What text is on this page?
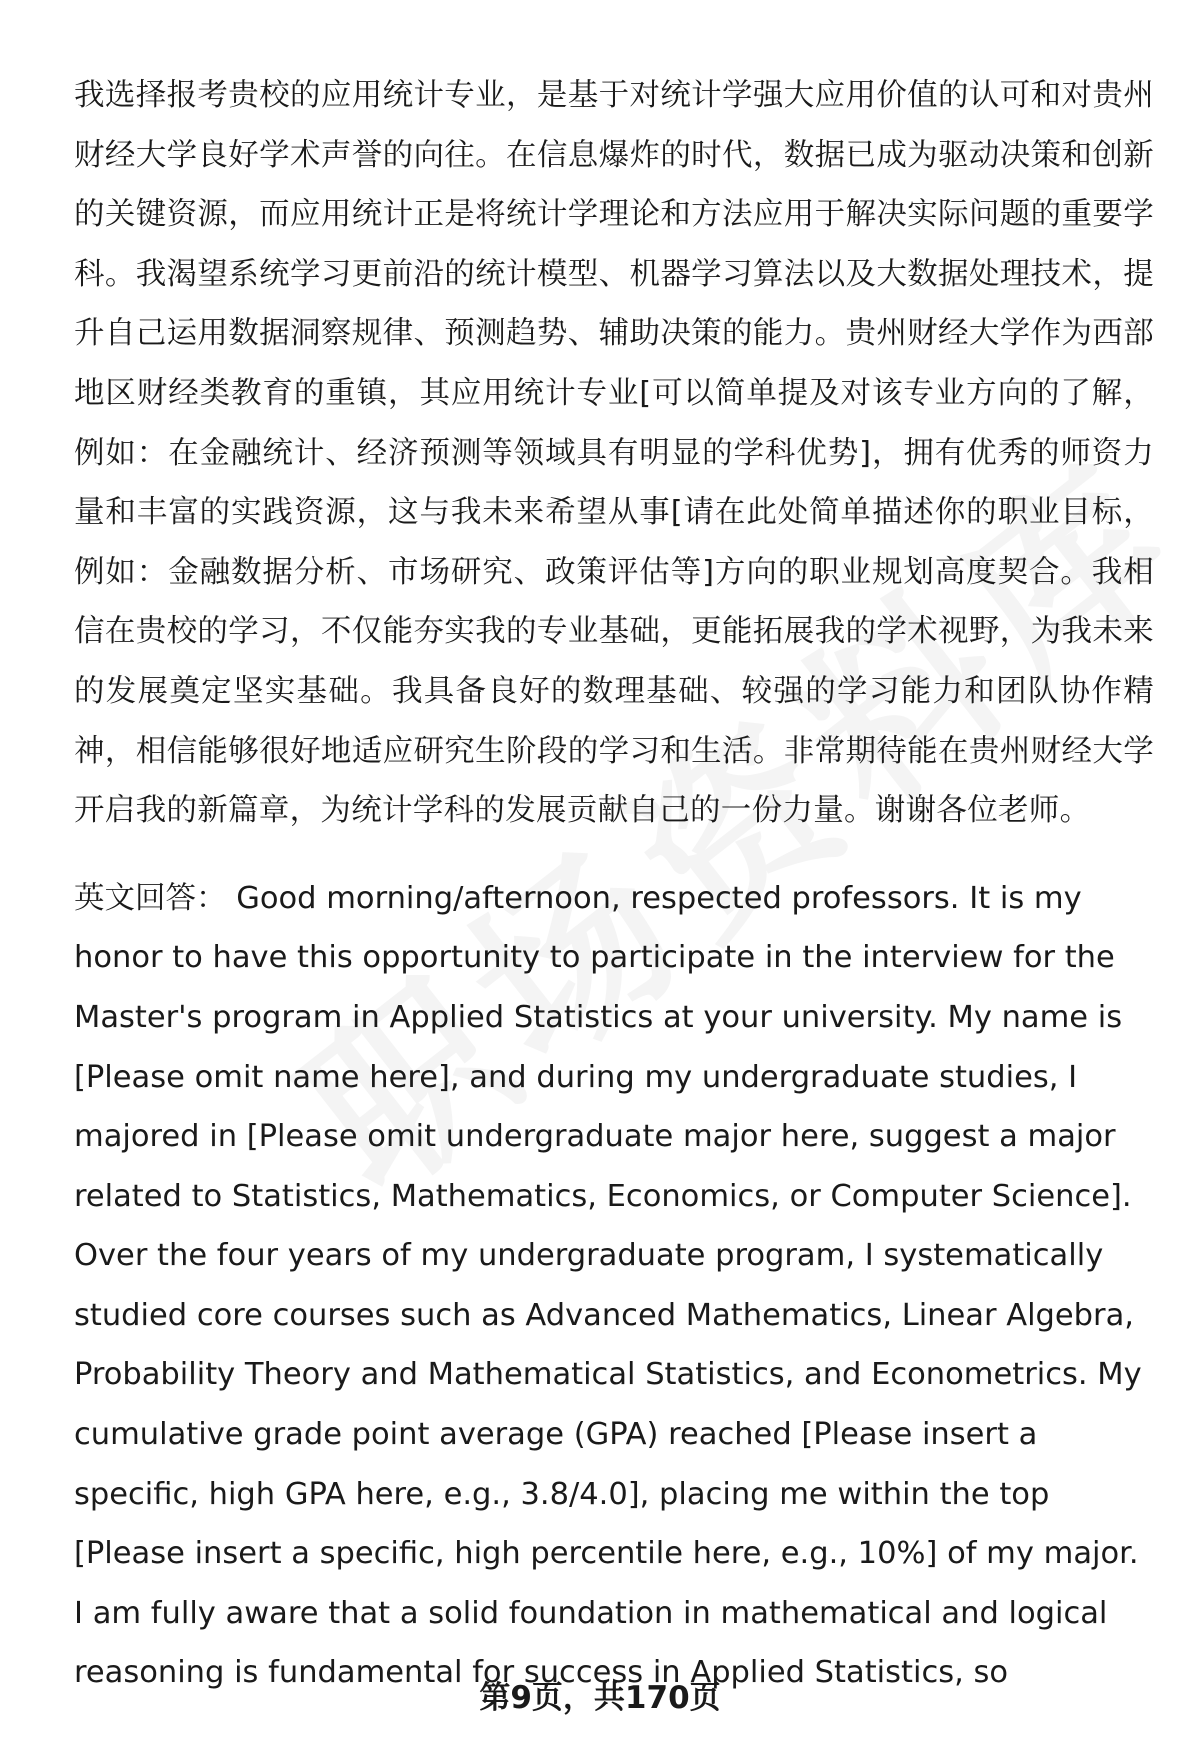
我选择报考贵校的应用统计专业，是基于对统计学强大应用价值的认可和对贵州财经大学良好学术声誉的向往。在信息爆炸的时代，数据已成为驱动决策和创新的关键资源，而应用统计正是将统计学理论和方法应用于解决实际问题的重要学科。我渴望系统学习更前沿的统计模型、机器学习算法以及大数据处理技术，提升自己运用数据洞察规律、预测趋势、辅助决策的能力。贵州财经大学作为西部地区财经类教育的重镇，其应用统计专业[可以简单提及对该专业方向的了解，例如：在金融统计、经济预测等领域具有明显的学科优势]，拥有优秀的师资力量和丰富的实践资源，这与我未来希望从事[请在此处简单描述你的职业目标，例如：金融数据分析、市场研究、政策评估等]方向的职业规划高度契合。我相信在贵校的学习，不仅能夯实我的专业基础，更能拓展我的学术视野，为我未来的发展奠定坚实基础。我具备良好的数理基础、较强的学习能力和团队协作精神，相信能够很好地适应研究生阶段的学习和生活。非常期待能在贵州财经大学开启我的新篇章，为统计学科的发展贡献自己的一份力量。谢谢各位老师。

英文回答： Good morning/afternoon, respected professors. It is my honor to have this opportunity to participate in the interview for the Master's program in Applied Statistics at your university. My name is [Please omit name here], and during my undergraduate studies, I majored in [Please omit undergraduate major here, suggest a major related to Statistics, Mathematics, Economics, or Computer Science]. Over the four years of my undergraduate program, I systematically studied core courses such as Advanced Mathematics, Linear Algebra, Probability Theory and Mathematical Statistics, and Econometrics. My cumulative grade point average (GPA) reached [Please insert a specific, high GPA here, e.g., 3.8/4.0], placing me within the top [Please insert a specific, high percentile here, e.g., 10%] of my major. I am fully aware that a solid foundation in mathematical and logical reasoning is fundamental for success in Applied Statistics, so

第9页，共170页
